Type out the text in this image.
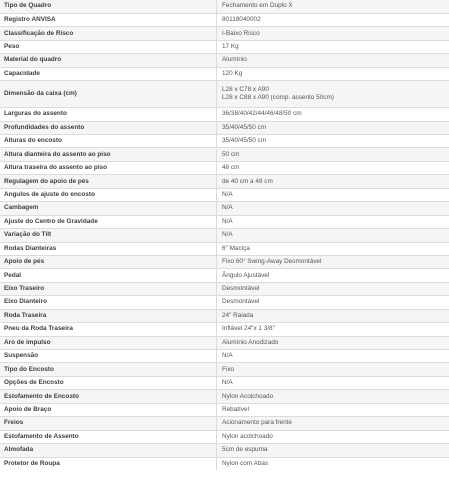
Tipo de Quadro	Fechamento em Duplo X

Registro ANVISA	80118040002

Classificação de Risco	I-Baixo Risco

Peso	17 Kg

Material do quadro	Alumínio

Capacidade	120 Kg

Dimensão da caixa (cm)	L28 x C78 x A90
L28 x C88 x A90 (comp. assento 50cm)

Larguras do assento	36/38/40/42/44/46/48/50 cm

Profundidades do assento	35/40/45/50 cm

Alturas do encosto	35/40/45/50 cm

Altura dianteira do assento ao piso	50 cm

Altura traseira do assento ao piso	48 cm

Regulagem do apoio de pés	de 40 cm a 48 cm

Angulos de ajuste do encosto	N/A

Cambagem	N/A

Ajuste do Centro de Gravidade	N/A

Variação do Tilt	N/A

Rodas Dianteiras	6" Maciça

Apoio de pés	Fixo 60° Swing-Away Desmontável

Pedal	Ângulo Ajustável

Eixo Traseiro	Desmontável

Eixo Dianteiro	Desmontável

Roda Traseira	24" Raiada

Pneu da Roda Traseira	Inflável 24"x 1 3/8"

Aro de impulso	Alumínio Anodizado

Suspensão	N/A

Tipo do Encosto	Fixo

Opções de Encosto	N/A

Estofamento de Encosto	Nylon Acolchoado

Apoio de Braço	Rebatível

Freios	Acionamento para frente

Estofamento de Assento	Nylon acolchoado

Almofada	5cm de espuma

Protetor de Roupa	Nylon com Abas
